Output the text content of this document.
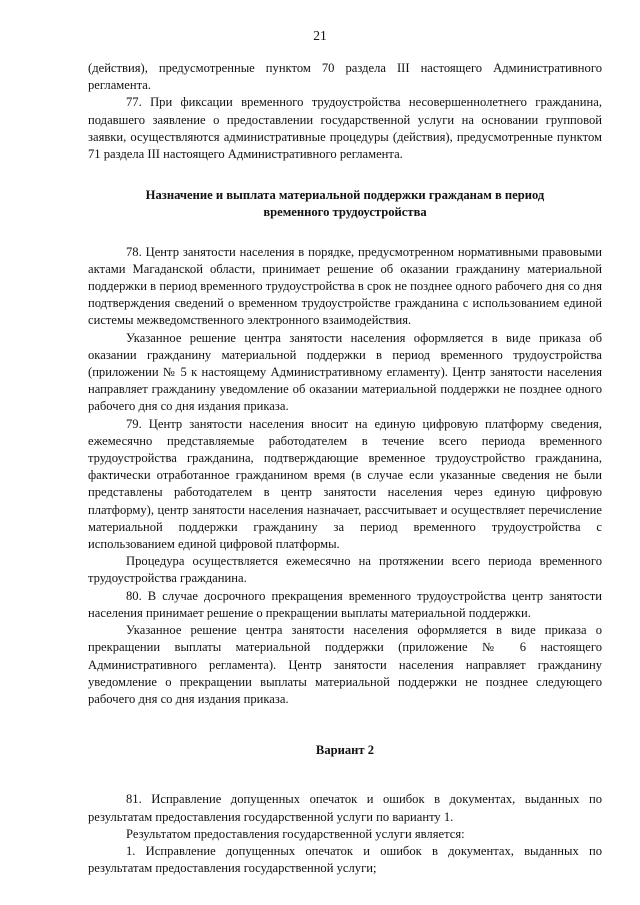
21

(действия), предусмотренные пунктом 70 раздела III настоящего Административного регламента.

77. При фиксации временного трудоустройства несовершеннолетнего гражданина, подавшего заявление о предоставлении государственной услуги на основании групповой заявки, осуществляются административные процедуры (действия), предусмотренные пунктом 71 раздела III настоящего Административного регламента.

Назначение и выплата материальной поддержки гражданам в период
временного трудоустройства

78. Центр занятости населения в порядке, предусмотренном нормативными правовыми актами Магаданской области, принимает решение об оказании гражданину материальной поддержки в период временного трудоустройства в срок не позднее одного рабочего дня со дня подтверждения сведений о временном трудоустройстве гражданина с использованием единой системы межведомственного электронного взаимодействия.

Указанное решение центра занятости населения оформляется в виде приказа об оказании гражданину материальной поддержки в период временного трудоустройства (приложении № 5 к настоящему Административному егламенту). Центр занятости населения направляет гражданину уведомление об оказании материальной поддержки не позднее одного рабочего дня со дня издания приказа.

79. Центр занятости населения вносит на единую цифровую платформу сведения, ежемесячно представляемые работодателем в течение всего периода временного трудоустройства гражданина, подтверждающие временное трудоустройство гражданина, фактически отработанное гражданином время (в случае если указанные сведения не были представлены работодателем в центр занятости населения через единую цифровую платформу), центр занятости населения назначает, рассчитывает и осуществляет перечисление материальной поддержки гражданину за период временного трудоустройства с использованием единой цифровой платформы.

Процедура осуществляется ежемесячно на протяжении всего периода временного трудоустройства гражданина.

80. В случае досрочного прекращения временного трудоустройства центр занятости населения принимает решение о прекращении выплаты материальной поддержки.

Указанное решение центра занятости населения оформляется в виде приказа о прекращении выплаты материальной поддержки (приложение № 6 настоящего Административного регламента). Центр занятости населения направляет гражданину уведомление о прекращении выплаты материальной поддержки не позднее следующего рабочего дня со дня издания приказа.

Вариант 2

81. Исправление допущенных опечаток и ошибок в документах, выданных по результатам предоставления государственной услуги по варианту 1.

Результатом предоставления государственной услуги является:

1. Исправление допущенных опечаток и ошибок в документах, выданных по результатам предоставления государственной услуги;
